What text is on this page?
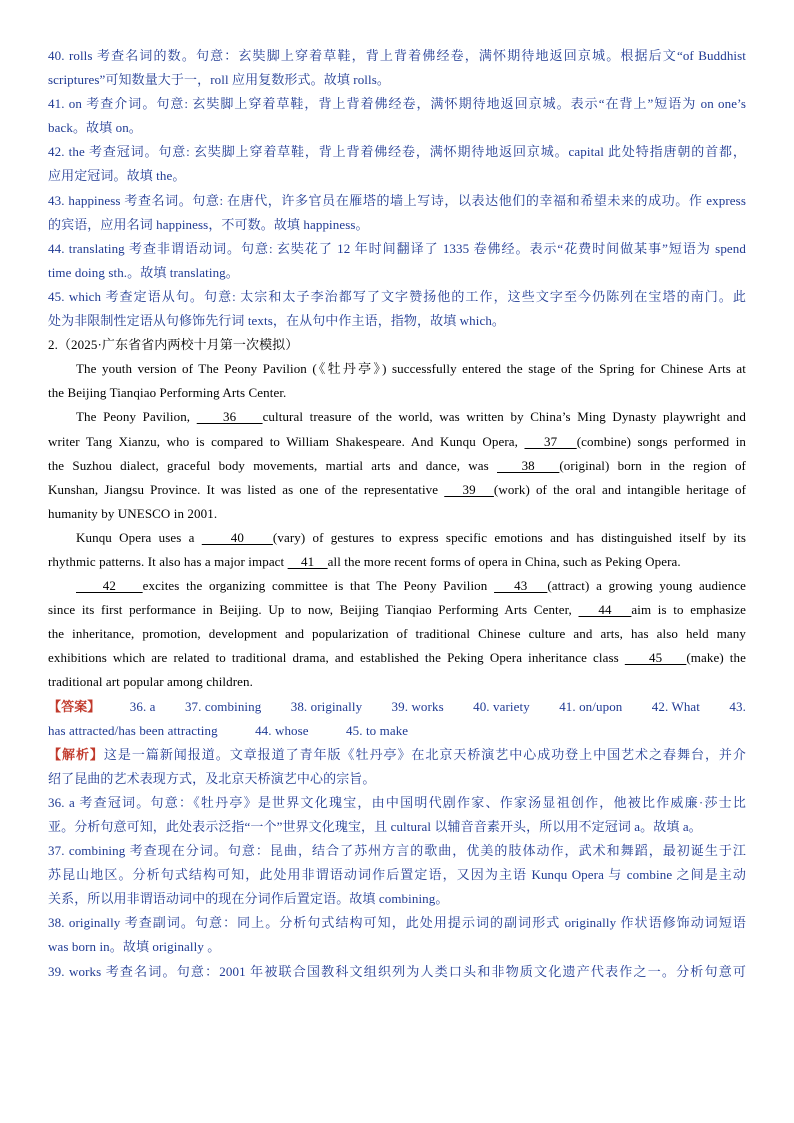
40. rolls 考查名词的数。句意：玄奘脚上穿着草鞋，背上背着佛经卷，满怀期待地返回京城。根据后文“of Buddhist
scriptures”可知数量大于一，roll 应用复数形式。故填 rolls。
41. on 考查介词。句意: 玄奘脚上穿着草鞋，背上背着佛经卷，满怀期待地返回京城。表示“在背上”短语为 on one’s
back。故填 on。
42. the 考查冠词。句意: 玄奘脚上穿着草鞋，背上背着佛经卷，满怀期待地返回京城。capital 此处特指唐朝的首都，
应用定冠词。故填 the。
43. happiness 考查名词。句意: 在唐代，许多官员在雁塔的墙上写诗，以表达他们的幸福和希望未来的成功。作 express
的宾语，应用名词 happiness，不可数。故填 happiness。
44. translating 考查非谓语动词。句意: 玄奘花了 12 年时间翻译了 1335 卷佛经。表示“花费时间做某事”短语为 spend
time doing sth.。故填 translating。
45. which 考查定语从句。句意: 太宗和太子李治都写了文字赞扬他的工作，这些文字至今仍陈列在宝塔的南门。此
处为非限制性定语从句修饰先行词 texts，在从句中作主语，指物，故填 which。
2.（2025·广东省省内两校十月第一次模拟）
The youth version of The Peony Pavilion (《牡丹亭》) successfully entered the stage of the Spring for Chinese Arts at
the Beijing Tianqiao Performing Arts Center.
The Peony Pavilion,     36    cultural treasure of the world, was written by China’s Ming Dynasty playwright and
writer Tang Xianzu, who is compared to William Shakespeare. And Kunqu Opera,    37   (combine) songs performed in
the Suzhou dialect, graceful body movements, martial arts and dance, was    38   (original) born in the region of
Kunshan, Jiangsu Province. It was listed as one of the representative    39   (work) of the oral and intangible heritage of
humanity by UNESCO in 2001.
Kunqu Opera uses a     40    (vary) of gestures to express specific emotions and has distinguished itself by its
rhythmic patterns. It also has a major impact     41    all the more recent forms of opera in China, such as Peking Opera.
42    excites the organizing committee is that The Peony Pavilion    43   (attract) a growing young audience
since its first performance in Beijing. Up to now, Beijing Tianqiao Performing Arts Center,    44   aim is to emphasize
the inheritance, promotion, development and popularization of traditional Chinese culture and arts, has also held many
exhibitions which are related to traditional drama, and established the Peking Opera inheritance class     45    (make) the
traditional art popular among children.
【答案】 36. a 37. combining 38. originally 39. works 40. variety 41. on/upon 42. What 43.
has attracted/has been attracting	44. whose	45. to make
【解析】这是一篇新闻报道。文章报道了青年版《牡丹亭》在北京天桥演艺中心成功登上中国艺术之春舞台，并介
绍了昆曲的艺术表现方式，及北京天桥演艺中心的宗旨。
36. a 考查冠词。句意：《牡丹亭》是世界文化瑰宝，由中国明代剧作家、作家汤显祖创作，他被比作威廉·莎士比
亚。分析句意可知，此处表示泛指“一个”世界文化瑰宝，且 cultural 以辅音音素开头，所以用不定冠词 a。故填 a。
37. combining 考查现在分词。句意：昆曲，结合了苏州方言的歌曲，优美的肢体动作，武术和舞蹈，最初诞生于江
苏昆山地区。分析句式结构可知，此处用非谓语动词作后置定语，又因为主语 Kunqu Opera 与 combine 之间是主动
关系，所以用非谓语动词中的现在分词作后置定语。故填 combining。
38. originally 考查副词。句意：同上。分析句式结构可知，此处用提示词的副词形式 originally 作状语修饰动词短语
was born in。故填 originally 。
39. works 考查名词。句意：2001 年被联合国教科文组织列为人类口头和非物质文化遗产代表作之一。分析句意可
